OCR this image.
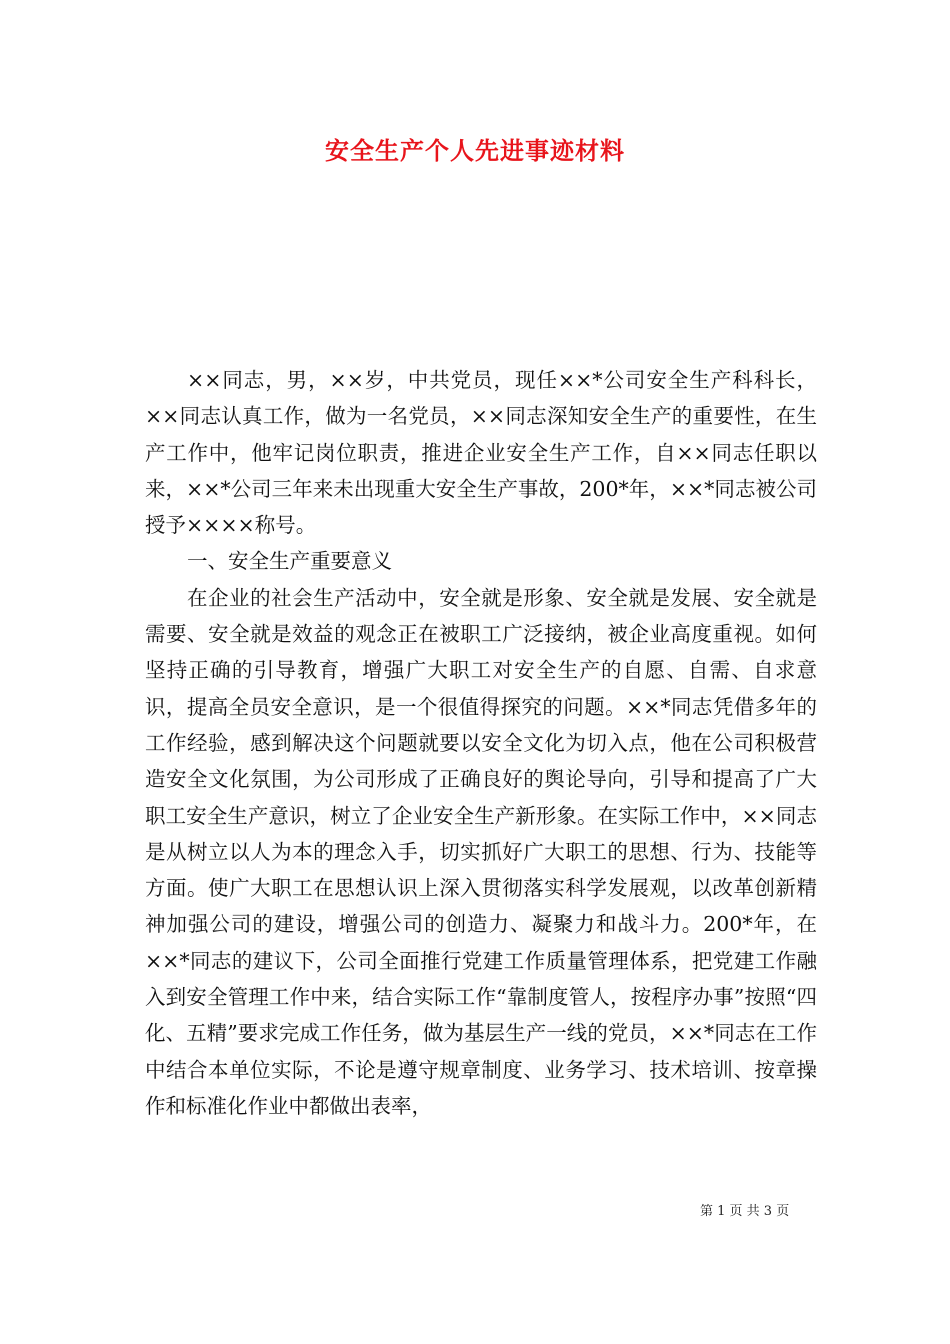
安全生产个人先进事迹材料

××同志，男，××岁，中共党员，现任××*公司安全生产科科长，××同志认真工作，做为一名党员，××同志深知安全生产的重要性，在生产工作中，他牢记岗位职责，推进企业安全生产工作，自××同志任职以来，××*公司三年来未出现重大安全生产事故，200*年，××*同志被公司授予××××称号。

一、安全生产重要意义

在企业的社会生产活动中，安全就是形象、安全就是发展、安全就是需要、安全就是效益的观念正在被职工广泛接纳，被企业高度重视。如何坚持正确的引导教育，增强广大职工对安全生产的自愿、自需、自求意识，提高全员安全意识，是一个很值得探究的问题。××*同志凭借多年的工作经验，感到解决这个问题就要以安全文化为切入点，他在公司积极营造安全文化氛围，为公司形成了正确良好的舆论导向，引导和提高了广大职工安全生产意识，树立了企业安全生产新形象。在实际工作中，××同志是从树立以人为本的理念入手，切实抓好广大职工的思想、行为、技能等方面。使广大职工在思想认识上深入贯彻落实科学发展观，以改革创新精神加强公司的建设，增强公司的创造力、凝聚力和战斗力。200*年，在××*同志的建议下，公司全面推行党建工作质量管理体系，把党建工作融入到安全管理工作中来，结合实际工作“靠制度管人，按程序办事”按照“四化、五精”要求完成工作任务，做为基层生产一线的党员，××*同志在工作中结合本单位实际，不论是遵守规章制度、业务学习、技术培训、按章操作和标准化作业中都做出表率，

第 1 页 共 3 页
